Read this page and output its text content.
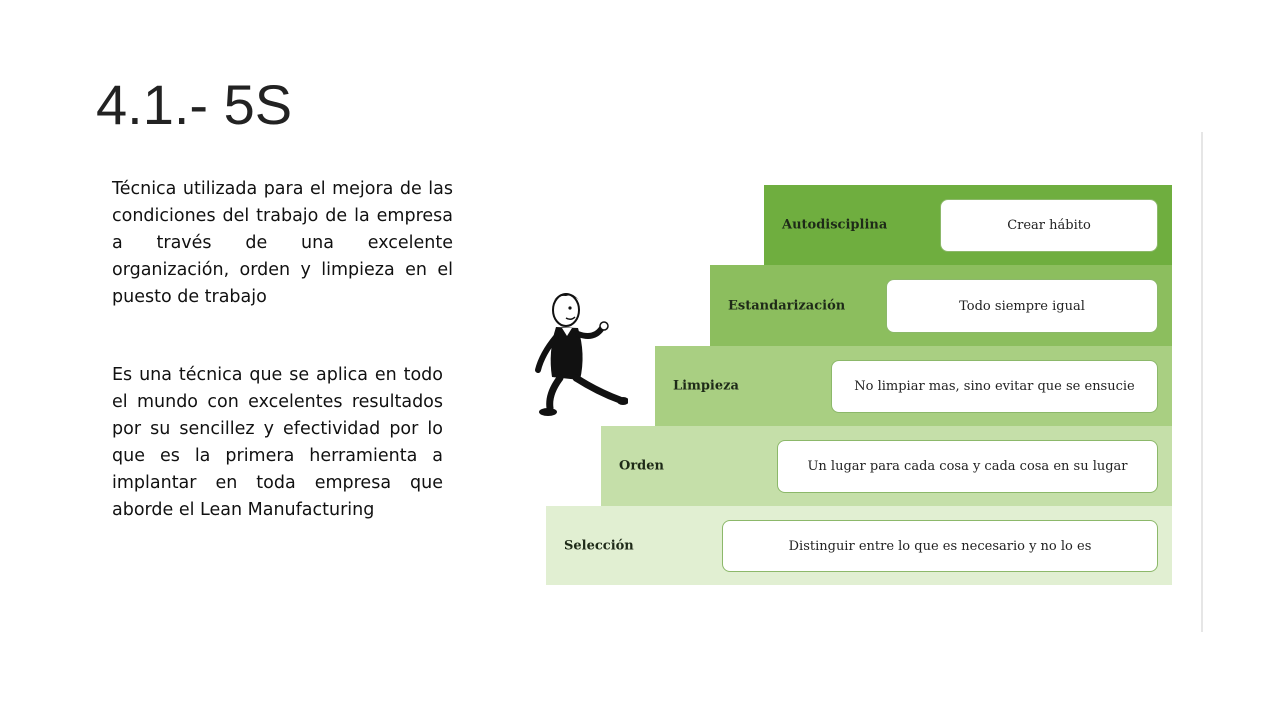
4.1.- 5S

Técnica utilizada para el mejora de las condiciones del trabajo de la empresa a través de una excelente organización, orden y limpieza en el puesto de trabajo

Es una técnica que se aplica en todo el mundo con excelentes resultados por su sencillez y efectividad por lo que es la primera herramienta a implantar en toda empresa que aborde el Lean Manufacturing

Autodisciplina	Crear hábito
Estandarización	Todo siempre igual
Limpieza	No limpiar mas, sino evitar que se ensucie
Orden	Un lugar para cada cosa y cada cosa en su lugar
Selección	Distinguir entre lo que es necesario y no lo es
